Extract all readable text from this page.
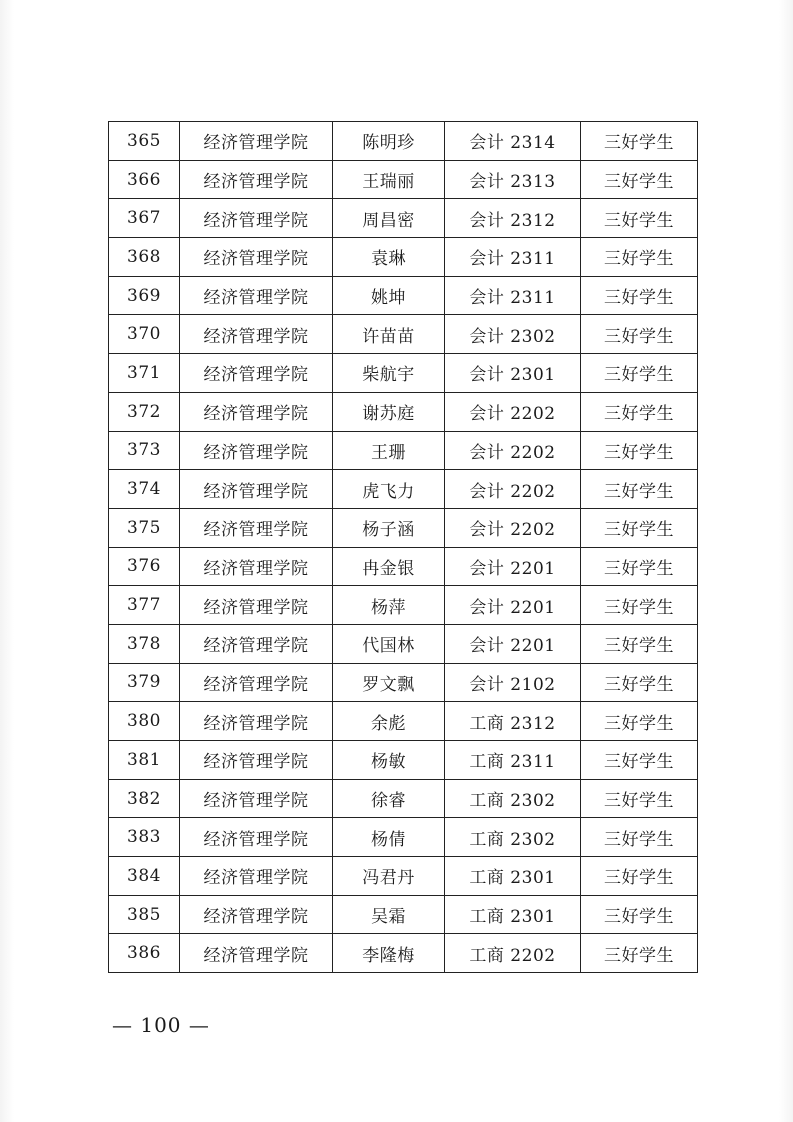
365	经济管理学院	陈明珍	会计 2314	三好学生
366	经济管理学院	王瑞丽	会计 2313	三好学生
367	经济管理学院	周昌密	会计 2312	三好学生
368	经济管理学院	袁琳	会计 2311	三好学生
369	经济管理学院	姚坤	会计 2311	三好学生
370	经济管理学院	许苗苗	会计 2302	三好学生
371	经济管理学院	柴航宇	会计 2301	三好学生
372	经济管理学院	谢苏庭	会计 2202	三好学生
373	经济管理学院	王珊	会计 2202	三好学生
374	经济管理学院	虎飞力	会计 2202	三好学生
375	经济管理学院	杨子涵	会计 2202	三好学生
376	经济管理学院	冉金银	会计 2201	三好学生
377	经济管理学院	杨萍	会计 2201	三好学生
378	经济管理学院	代国林	会计 2201	三好学生
379	经济管理学院	罗文飘	会计 2102	三好学生
380	经济管理学院	余彪	工商 2312	三好学生
381	经济管理学院	杨敏	工商 2311	三好学生
382	经济管理学院	徐睿	工商 2302	三好学生
383	经济管理学院	杨倩	工商 2302	三好学生
384	经济管理学院	冯君丹	工商 2301	三好学生
385	经济管理学院	吴霜	工商 2301	三好学生
386	经济管理学院	李隆梅	工商 2202	三好学生
— 100 —
